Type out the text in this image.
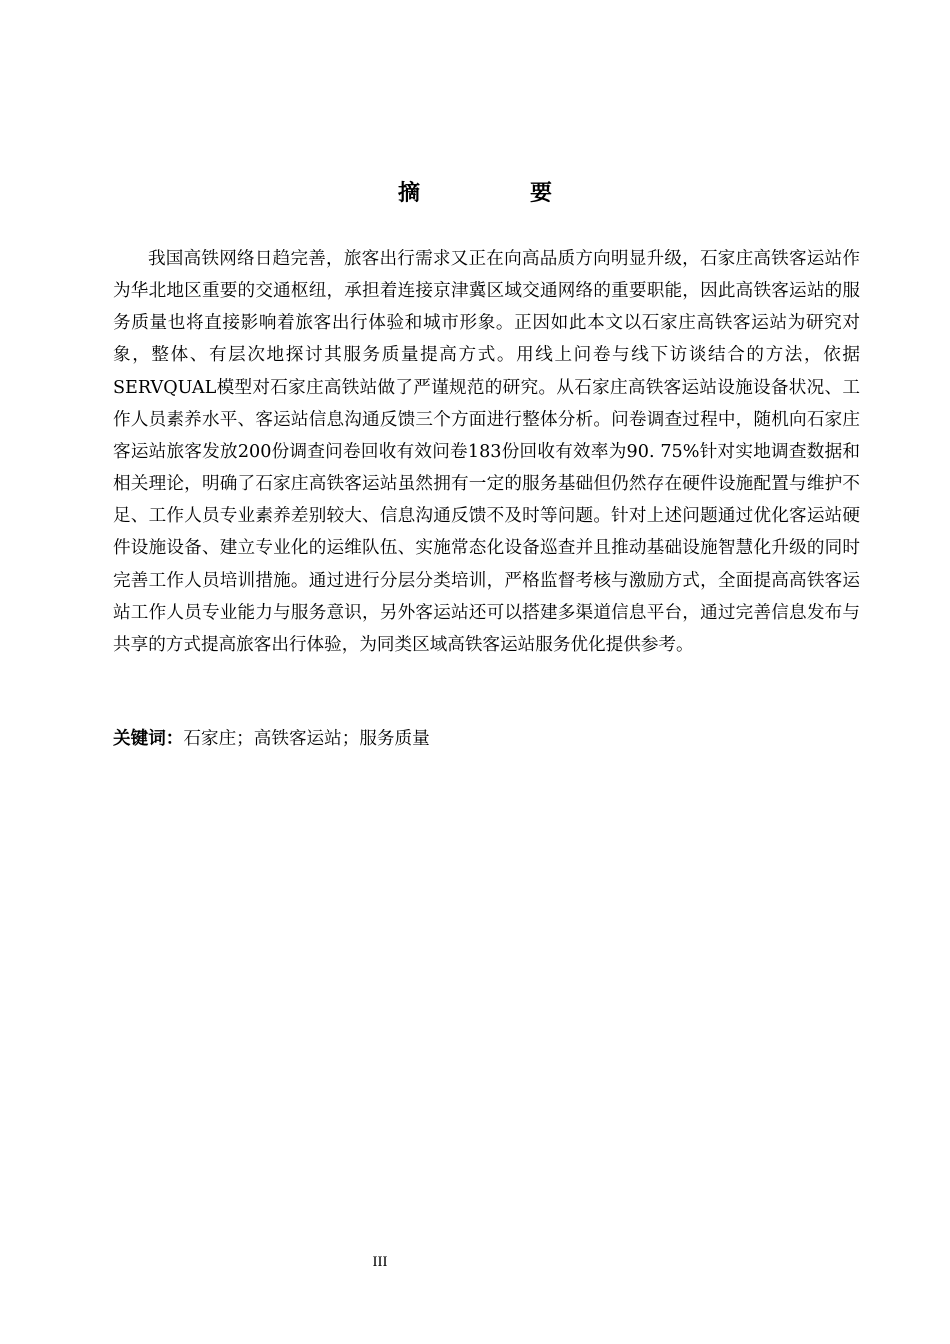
摘　要

我国高铁网络日趋完善，旅客出行需求又正在向高品质方向明显升级，石家庄高铁客运站作为华北地区重要的交通枢纽，承担着连接京津冀区域交通网络的重要职能，因此高铁客运站的服务质量也将直接影响着旅客出行体验和城市形象。正因如此本文以石家庄高铁客运站为研究对象，整体、有层次地探讨其服务质量提高方式。用线上问卷与线下访谈结合的方法，依据SERVQUAL模型对石家庄高铁站做了严谨规范的研究。从石家庄高铁客运站设施设备状况、工作人员素养水平、客运站信息沟通反馈三个方面进行整体分析。问卷调查过程中，随机向石家庄客运站旅客发放200份调查问卷回收有效问卷183份回收有效率为90. 75%针对实地调查数据和相关理论，明确了石家庄高铁客运站虽然拥有一定的服务基础但仍然存在硬件设施配置与维护不足、工作人员专业素养差别较大、信息沟通反馈不及时等问题。针对上述问题通过优化客运站硬件设施设备、建立专业化的运维队伍、实施常态化设备巡查并且推动基础设施智慧化升级的同时完善工作人员培训措施。通过进行分层分类培训，严格监督考核与激励方式，全面提高高铁客运站工作人员专业能力与服务意识，另外客运站还可以搭建多渠道信息平台，通过完善信息发布与共享的方式提高旅客出行体验，为同类区域高铁客运站服务优化提供参考。

关键词：石家庄；高铁客运站；服务质量

III
